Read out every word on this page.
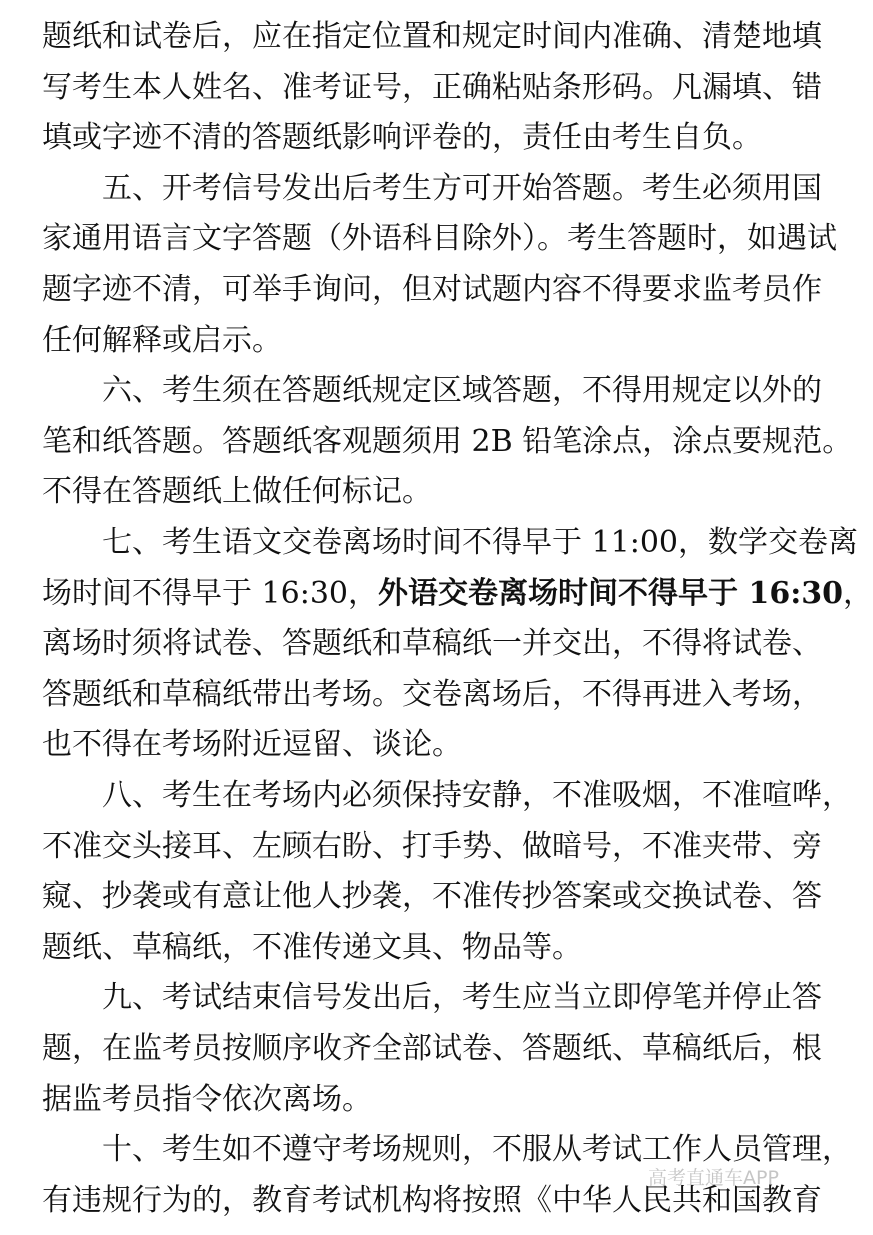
题纸和试卷后，应在指定位置和规定时间内准确、清楚地填
写考生本人姓名、准考证号，正确粘贴条形码。凡漏填、错
填或字迹不清的答题纸影响评卷的，责任由考生自负。
五、开考信号发出后考生方可开始答题。考生必须用国
家通用语言文字答题（外语科目除外）。考生答题时，如遇试
题字迹不清，可举手询问，但对试题内容不得要求监考员作
任何解释或启示。
六、考生须在答题纸规定区域答题，不得用规定以外的
笔和纸答题。答题纸客观题须用 2B 铅笔涂点，涂点要规范。
不得在答题纸上做任何标记。
七、考生语文交卷离场时间不得早于 11:00，数学交卷离
场时间不得早于 16:30，外语交卷离场时间不得早于 16:30，
离场时须将试卷、答题纸和草稿纸一并交出，不得将试卷、
答题纸和草稿纸带出考场。交卷离场后，不得再进入考场，
也不得在考场附近逗留、谈论。
八、考生在考场内必须保持安静，不准吸烟，不准喧哗，
不准交头接耳、左顾右盼、打手势、做暗号，不准夹带、旁
窥、抄袭或有意让他人抄袭，不准传抄答案或交换试卷、答
题纸、草稿纸，不准传递文具、物品等。
九、考试结束信号发出后，考生应当立即停笔并停止答
题，在监考员按顺序收齐全部试卷、答题纸、草稿纸后，根
据监考员指令依次离场。
十、考生如不遵守考场规则，不服从考试工作人员管理，
有违规行为的，教育考试机构将按照《中华人民共和国教育
高考直通车APP
